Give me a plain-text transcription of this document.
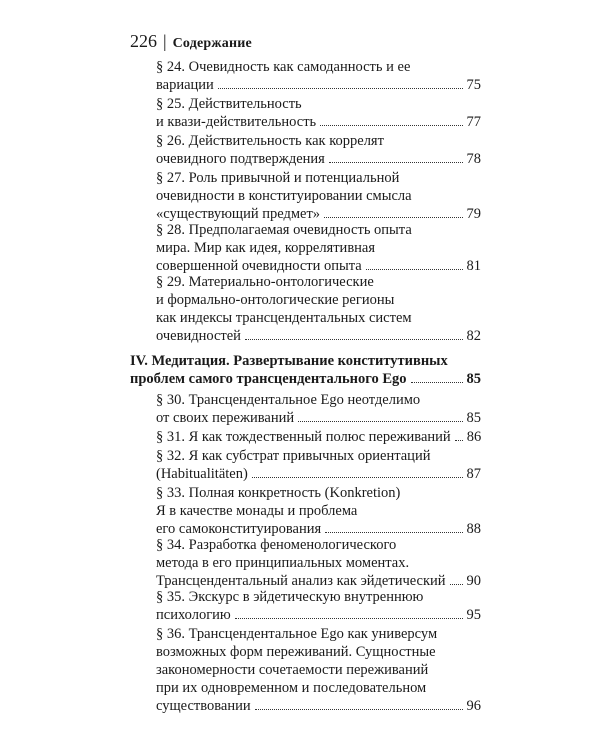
226 | Содержание
§ 24. Очевидность как самоданность и ее
вариации	75
§ 25. Действительность
и квази-действительность	77
§ 26. Действительность как коррелят
очевидного подтверждения	78
§ 27. Роль привычной и потенциальной
очевидности в конституировании смысла
«существующий предмет»	79
§ 28. Предполагаемая очевидность опыта
мира. Мир как идея, коррелятивная
совершенной очевидности опыта	81
§ 29. Материально-онтологические
и формально-онтологические регионы
как индексы трансцендентальных систем
очевидностей	82
IV. Медитация. Развертывание конститутивных
проблем самого трансцендентального Ego	85
§ 30. Трансцендентальное Ego неотделимо
от своих переживаний	85
§ 31. Я как тождественный полюс переживаний 86
§ 32. Я как субстрат привычных ориентаций
(Habitualitäten)	87
§ 33. Полная конкретность (Konkretion)
Я в качестве монады и проблема
его самоконституирования	88
§ 34. Разработка феноменологического
метода в его принципиальных моментах.
Трансцендентальный анализ как эйдетический 90
§ 35. Экскурс в эйдетическую внутреннюю
психологию	95
§ 36. Трансцендентальное Ego как универсум
возможных форм переживаний. Сущностные
закономерности сочетаемости переживаний
при их одновременном и последовательном
существовании	96
